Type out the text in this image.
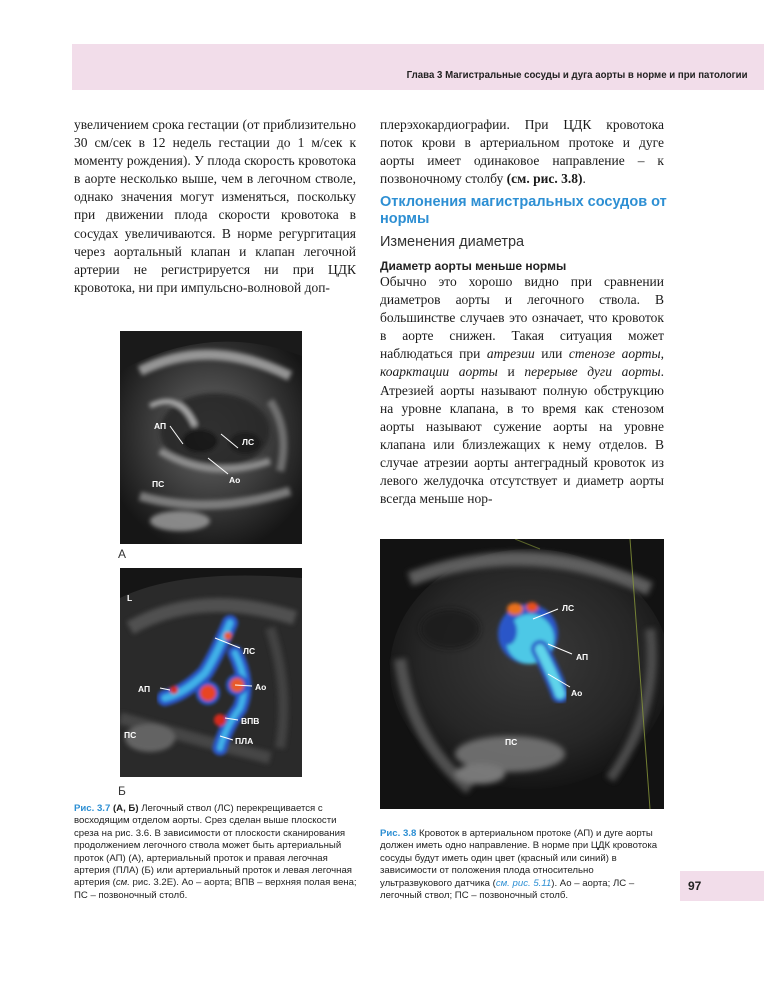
Глава 3 Магистральные сосуды и дуга аорты в норме и при патологии

увеличением срока гестации (от приблизительно 30 см/сек в 12 недель гестации до 1 м/сек к моменту рождения). У плода скорость кровотока в аорте несколько выше, чем в легочном стволе, однако значения могут изменяться, поскольку при движении плода скорости кровотока в сосудах увеличиваются. В норме регургитация через аортальный клапан и клапан легочной артерии не регистрируется ни при ЦДК кровотока, ни при импульсно-волновой доп-

плерэхокардиографии. При ЦДК кровотока поток крови в артериальном протоке и дуге аорты имеет одинаковое направление – к позвоночному столбу (см. рис. 3.8).

Отклонения магистральных сосудов от нормы
Изменения диаметра
Диаметр аорты меньше нормы

Обычно это хорошо видно при сравнении диаметров аорты и легочного ствола. В большинстве случаев это означает, что кровоток в аорте снижен. Такая ситуация может наблюдаться при атрезии или стенозе аорты, коарктации аорты и перерыве дуги аорты. Атрезией аорты называют полную обструкцию на уровне клапана, в то время как стенозом аорты называют сужение аорты на уровне клапана или близлежащих к нему отделов. В случае атрезии аорты антеградный кровоток из левого желудочка отсутствует и диаметр аорты всегда меньше нор-

АП
ЛС
Ао
ПС
А
L
ЛС
АП	Ао
ВПВ
ПЛА
ПС
Б
ЛС
АП
Ао
ПС
Рис. 3.7 (А, Б) Легочный ствол (ЛС) перекрещивается с восходящим отделом аорты. Срез сделан выше плоскости среза на рис. 3.6. В зависимости от плоскости сканирования продолжением легочного ствола может быть артериальный проток (АП) (А), артериальный проток и правая легочная артерия (ПЛА) (Б) или артериальный проток и левая легочная артерия (см. рис. 3.2Е). Ао – аорта; ВПВ – верхняя полая вена; ПС – позвоночный столб.
Рис. 3.8 Кровоток в артериальном протоке (АП) и дуге аорты должен иметь одно направление. В норме при ЦДК кровотока сосуды будут иметь один цвет (красный или синий) в зависимости от положения плода относительно ультразвукового датчика (см. рис. 5.11). Ао – аорта; ЛС – легочный ствол; ПС – позвоночный столб.
97
